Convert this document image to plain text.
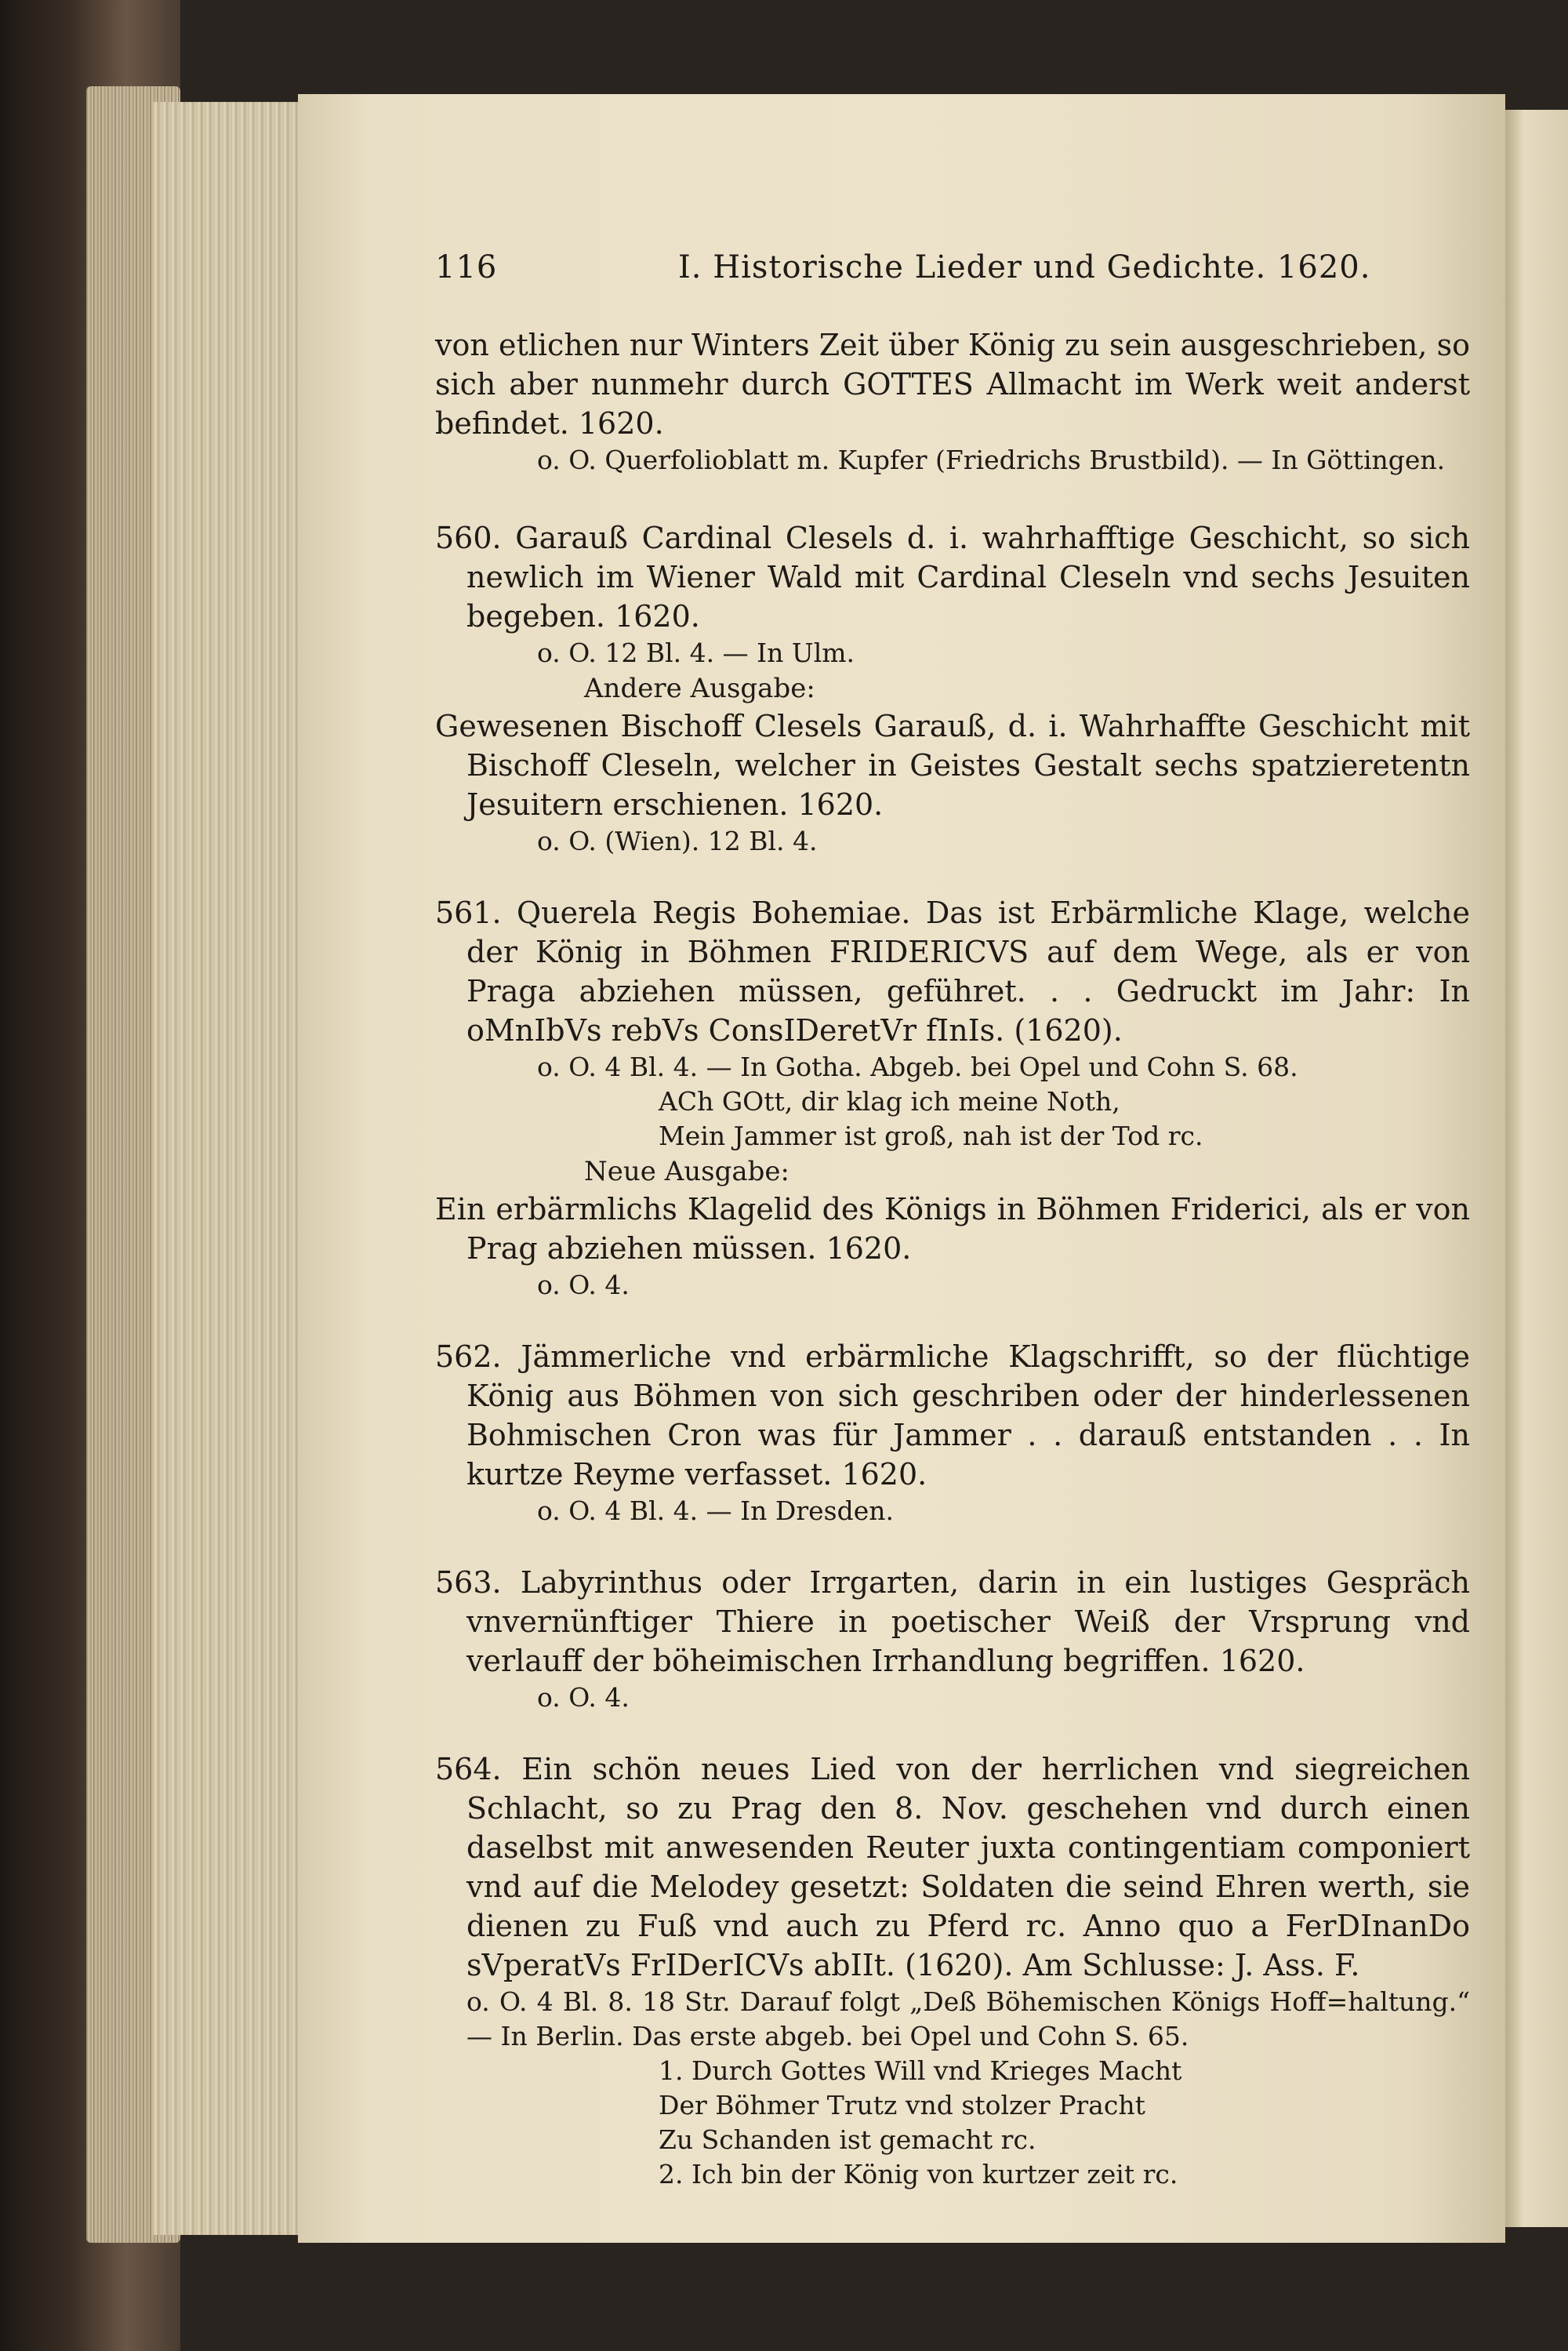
116	I. Historische Lieder und Gedichte. 1620.

von etlichen nur Winters Zeit über König zu sein ausgeschrieben, so sich aber nunmehr durch GOTTES Allmacht im Werk weit anderst befindet. 1620.

o. O. Querfolioblatt m. Kupfer (Friedrichs Brustbild). — In Göttingen.

560. Garauß Cardinal Clesels d. i. wahrhafftige Geschicht, so sich newlich im Wiener Wald mit Cardinal Cleseln vnd sechs Jesuiten begeben. 1620.

o. O. 12 Bl. 4. — In Ulm.

Andere Ausgabe:

Gewesenen Bischoff Clesels Garauß, d. i. Wahrhaffte Geschicht mit Bischoff Cleseln, welcher in Geistes Gestalt sechs spatzieretentn Jesuitern erschienen. 1620.

o. O. (Wien). 12 Bl. 4.

561. Querela Regis Bohemiae. Das ist Erbärmliche Klage, welche der König in Böhmen FRIDERICVS auf dem Wege, als er von Praga abziehen müssen, geführet. . . Gedruckt im Jahr: In oMnIbVs rebVs ConsIDeretVr fInIs. (1620).

o. O. 4 Bl. 4. — In Gotha. Abgeb. bei Opel und Cohn S. 68.

ACh GOtt, dir klag ich meine Noth,

Mein Jammer ist groß, nah ist der Tod rc.

Neue Ausgabe:

Ein erbärmlichs Klagelid des Königs in Böhmen Friderici, als er von Prag abziehen müssen. 1620.

o. O. 4.

562. Jämmerliche vnd erbärmliche Klagschrifft, so der flüchtige König aus Böhmen von sich geschriben oder der hinderlessenen Bohmischen Cron was für Jammer . . darauß entstanden . . In kurtze Reyme verfasset. 1620.

o. O. 4 Bl. 4. — In Dresden.

563. Labyrinthus oder Irrgarten, darin in ein lustiges Gespräch vnvernünftiger Thiere in poetischer Weiß der Vrsprung vnd verlauff der böheimischen Irrhandlung begriffen. 1620.

o. O. 4.

564. Ein schön neues Lied von der herrlichen vnd siegreichen Schlacht, so zu Prag den 8. Nov. geschehen vnd durch einen daselbst mit anwesenden Reuter juxta contingentiam componiert vnd auf die Melodey gesetzt: Soldaten die seind Ehren werth, sie dienen zu Fuß vnd auch zu Pferd rc. Anno quo a FerDInanDo sVperatVs FrIDerICVs abIIt. (1620). Am Schlusse: J. Ass. F.

o. O. 4 Bl. 8. 18 Str. Darauf folgt „Deß Böhemischen Königs Hoff=haltung.“ — In Berlin. Das erste abgeb. bei Opel und Cohn S. 65.

1. Durch Gottes Will vnd Krieges Macht

Der Böhmer Trutz vnd stolzer Pracht

Zu Schanden ist gemacht rc.

2. Ich bin der König von kurtzer zeit rc.
